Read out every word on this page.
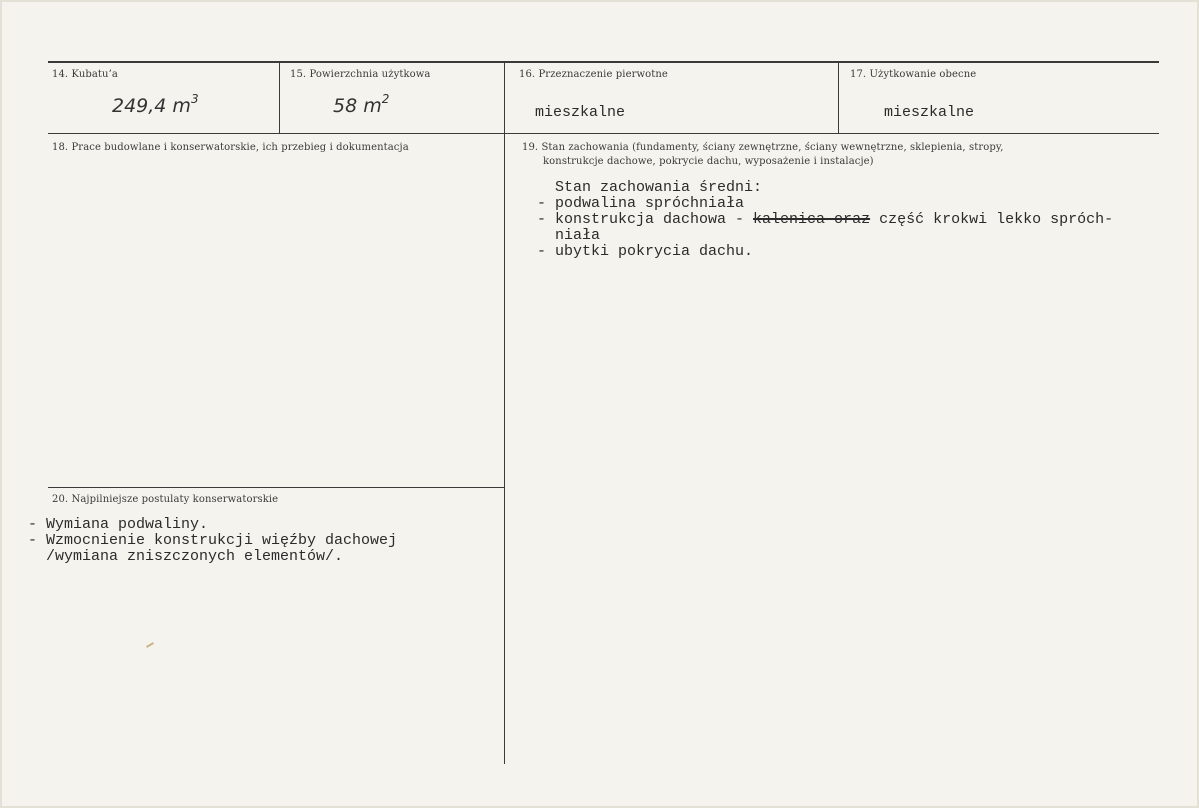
14. Kubatu’a
249,4 $m^3$
15. Powierzchnia użytkowa
58 $m^2$
16. Przeznaczenie pierwotne
mieszkalne
17. Użytkowanie obecne
mieszkalne
18. Prace budowlane i konserwatorskie, ich przebieg i dokumentacja	19. Stan zachowania (fundamenty, ściany zewnętrzne, ściany wewnętrzne, sklepienia, stropy,
konstrukcje dachowe, pokrycie dachu, wyposażenie i instalacje)
Stan zachowania średni:
- podwalina spróchniała
- konstrukcja dachowa - kalenica oraz część krokwi lekko spróch-
niała
- ubytki pokrycia dachu.
20. Najpilniejsze postulaty konserwatorskie
- Wymiana podwaliny.
- Wzmocnienie konstrukcji więźby dachowej
/wymiana zniszczonych elementów/.
